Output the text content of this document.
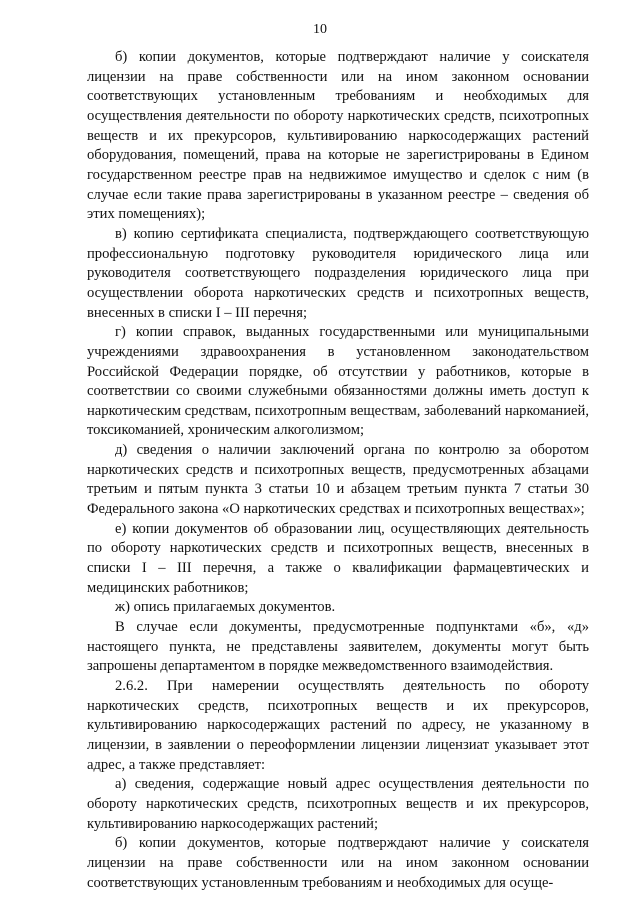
10

б) копии документов, которые подтверждают наличие у соискателя лицензии на праве собственности или на ином законном основании соответствующих установленным требованиям и необходимых для осуществления деятельности по обороту наркотических средств, психотропных веществ и их прекурсоров, культивированию наркосодержащих растений оборудования, помещений, права на которые не зарегистрированы в Едином государственном реестре прав на недвижимое имущество и сделок с ним (в случае если такие права зарегистрированы в указанном реестре – сведения об этих помещениях);

в) копию сертификата специалиста, подтверждающего соответствующую профессиональную подготовку руководителя юридического лица или руководителя соответствующего подразделения юридического лица при осуществлении оборота наркотических средств и психотропных веществ, внесенных в списки I – III перечня;

г) копии справок, выданных государственными или муниципальными учреждениями здравоохранения в установленном законодательством Российской Федерации порядке, об отсутствии у работников, которые в соответствии со своими служебными обязанностями должны иметь доступ к наркотическим средствам, психотропным веществам, заболеваний наркоманией, токсикоманией, хроническим алкоголизмом;

д) сведения о наличии заключений органа по контролю за оборотом наркотических средств и психотропных веществ, предусмотренных абзацами третьим и пятым пункта 3 статьи 10 и абзацем третьим пункта 7 статьи 30 Федерального закона «О наркотических средствах и психотропных веществах»;

е) копии документов об образовании лиц, осуществляющих деятельность по обороту наркотических средств и психотропных веществ, внесенных в списки I – III перечня, а также о квалификации фармацевтических и медицинских работников;

ж) опись прилагаемых документов.

В случае если документы, предусмотренные подпунктами «б», «д» настоящего пункта, не представлены заявителем, документы могут быть запрошены департаментом в порядке межведомственного взаимодействия.

2.6.2. При намерении осуществлять деятельность по обороту наркотических средств, психотропных веществ и их прекурсоров, культивированию наркосодержащих растений по адресу, не указанному в лицензии, в заявлении о переоформлении лицензии лицензиат указывает этот адрес, а также представляет:

а) сведения, содержащие новый адрес осуществления деятельности по обороту наркотических средств, психотропных веществ и их прекурсоров, культивированию наркосодержащих растений;

б) копии документов, которые подтверждают наличие у соискателя лицензии на праве собственности или на ином законном основании соответствующих установленным требованиям и необходимых для осуще-
